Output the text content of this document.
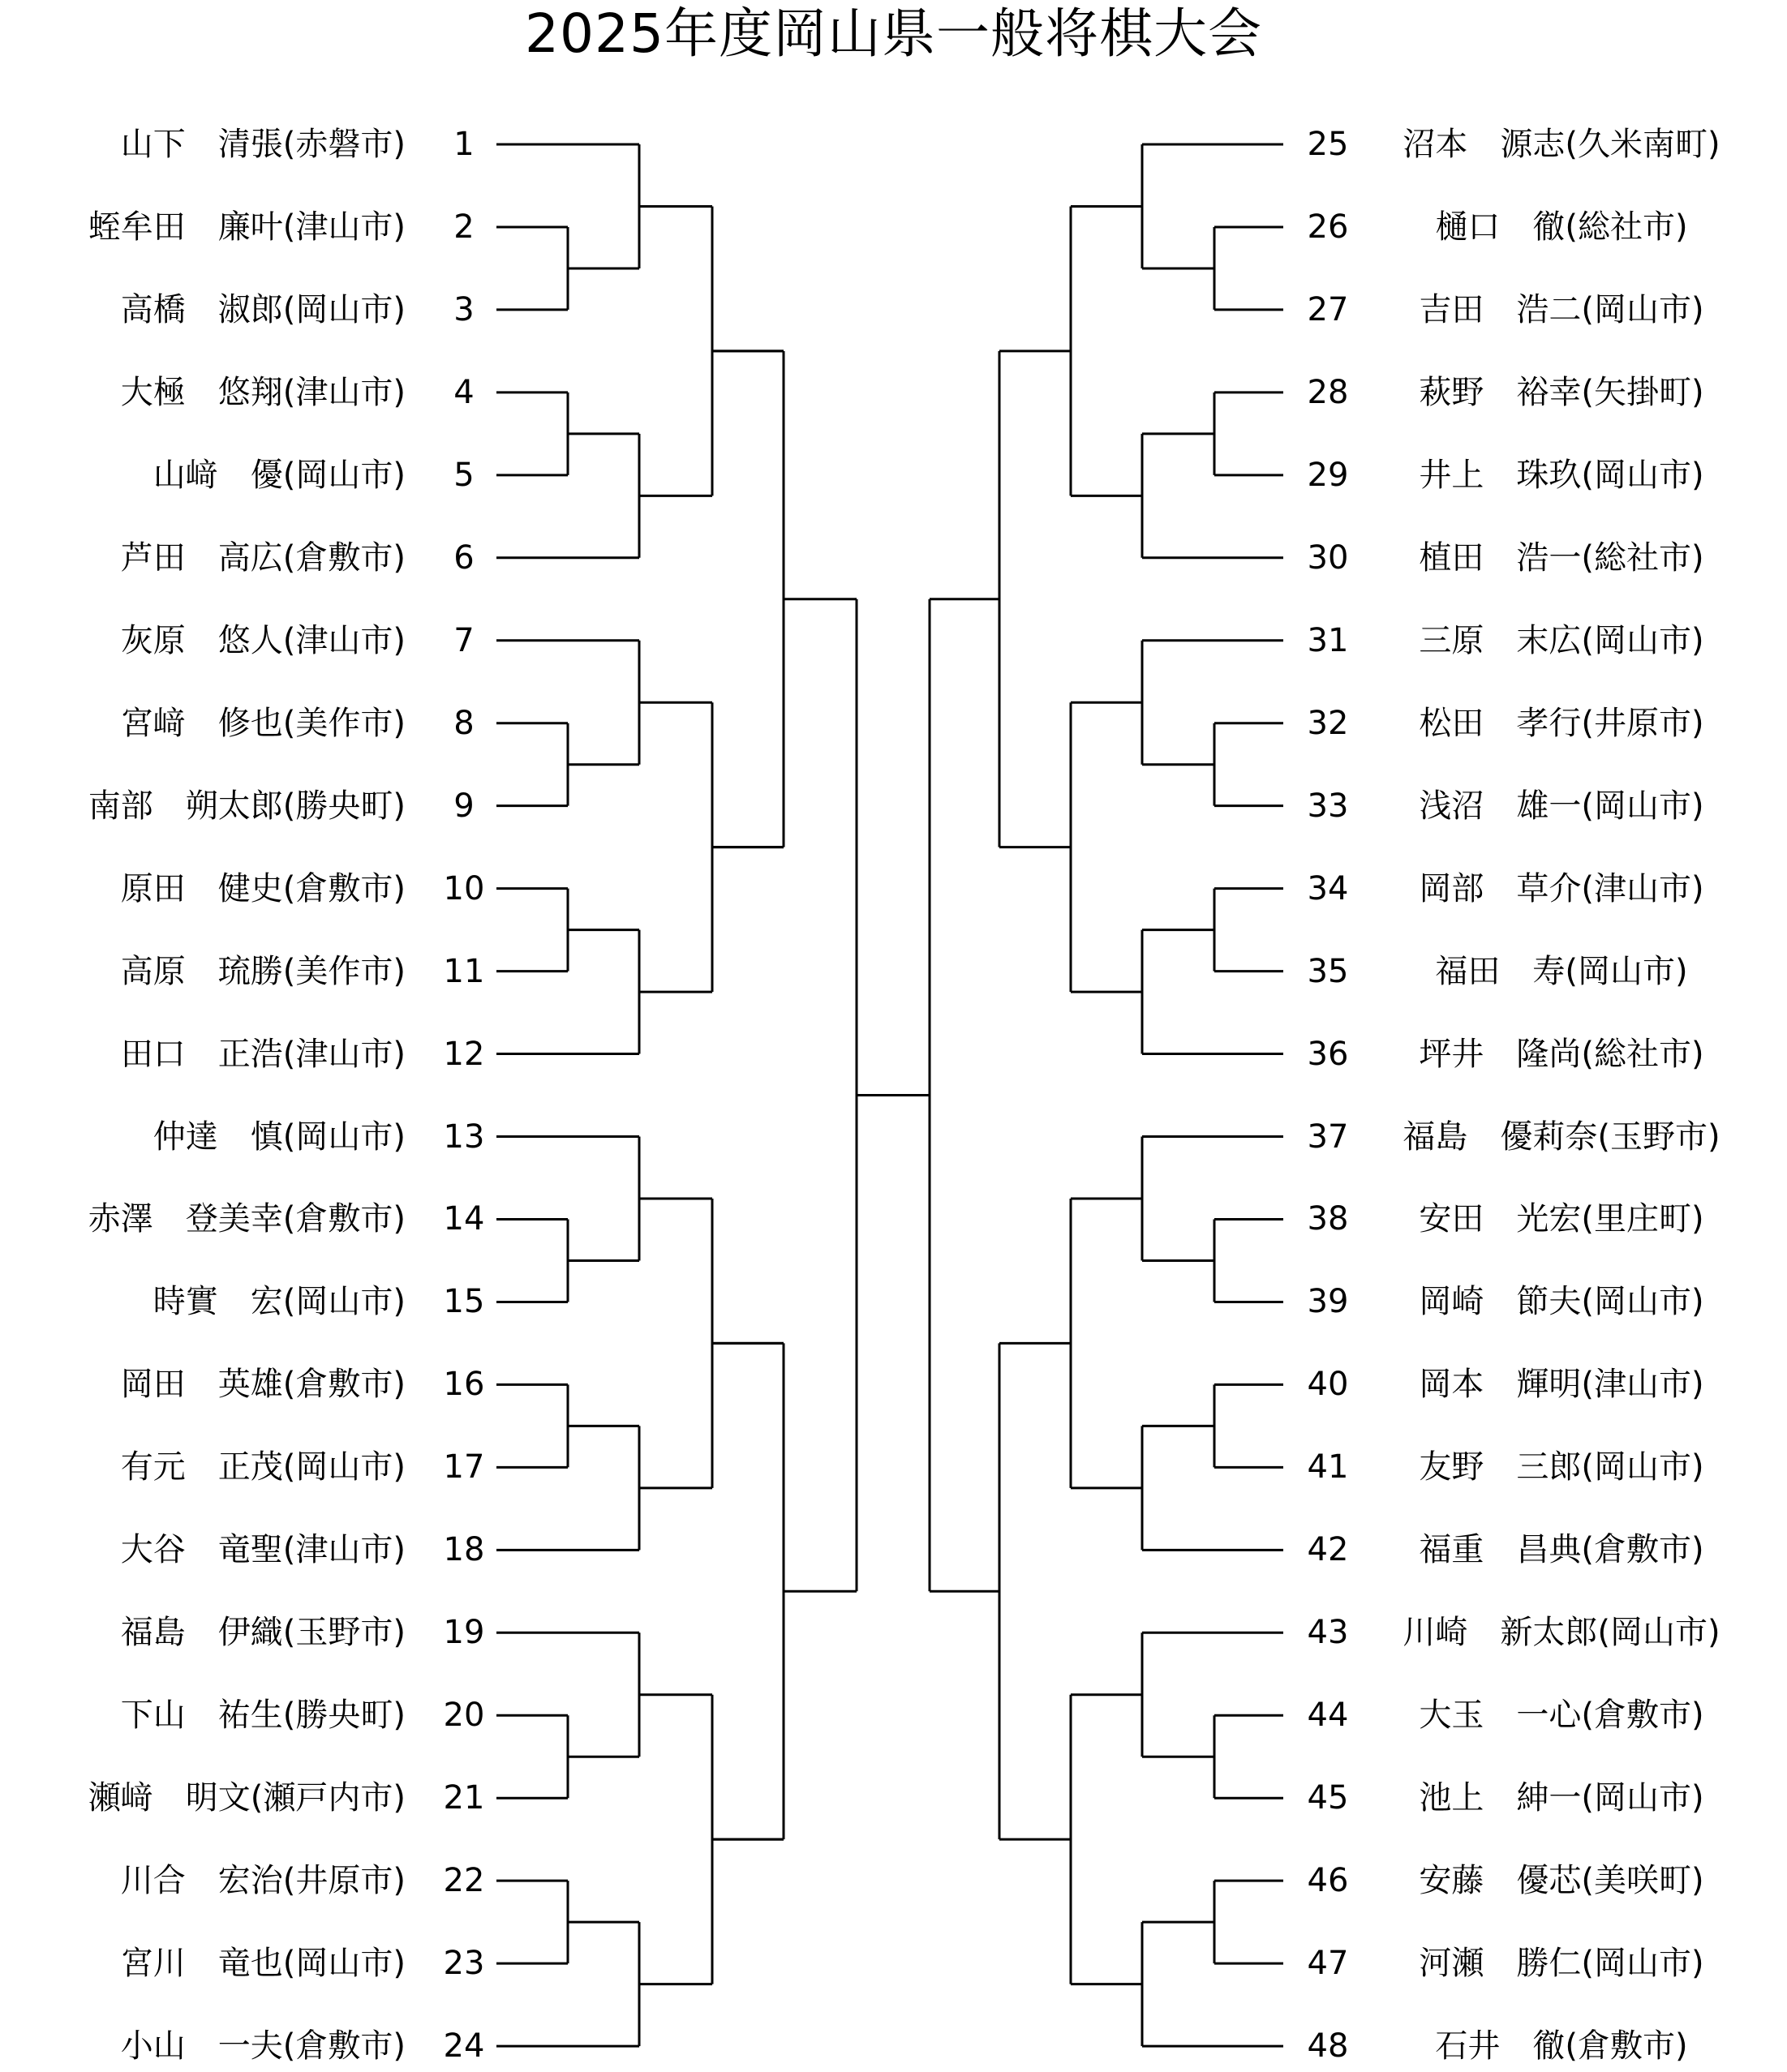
2025年度岡山県一般将棋大会
山下　清張(赤磐市)	1
蛭牟田　廉叶(津山市)	2
高橋　淑郎(岡山市)	3
大極　悠翔(津山市)	4
山﨑　優(岡山市)	5
芦田　高広(倉敷市)	6
灰原　悠人(津山市)	7
宮﨑　修也(美作市)	8
南部　朔太郎(勝央町)	9
原田　健史(倉敷市)	10
高原　琉勝(美作市)	11
田口　正浩(津山市)	12
仲達　慎(岡山市)	13
赤澤　登美幸(倉敷市)	14
時實　宏(岡山市)	15
岡田　英雄(倉敷市)	16
有元　正茂(岡山市)	17
大谷　竜聖(津山市)	18
福島　伊織(玉野市)	19
下山　祐生(勝央町)	20
瀬﨑　明文(瀬戸内市)	21
川合　宏治(井原市)	22
宮川　竜也(岡山市)	23
小山　一夫(倉敷市)	24
25	沼本　源志(久米南町)
26	樋口　徹(総社市)
27	吉田　浩二(岡山市)
28	萩野　裕幸(矢掛町)
29	井上　珠玖(岡山市)
30	植田　浩一(総社市)
31	三原　末広(岡山市)
32	松田　孝行(井原市)
33	浅沼　雄一(岡山市)
34	岡部　草介(津山市)
35	福田　寿(岡山市)
36	坪井　隆尚(総社市)
37	福島　優莉奈(玉野市)
38	安田　光宏(里庄町)
39	岡崎　節夫(岡山市)
40	岡本　輝明(津山市)
41	友野　三郎(岡山市)
42	福重　昌典(倉敷市)
43	川崎　新太郎(岡山市)
44	大玉　一心(倉敷市)
45	池上　紳一(岡山市)
46	安藤　優芯(美咲町)
47	河瀬　勝仁(岡山市)
48	石井　徹(倉敷市)
